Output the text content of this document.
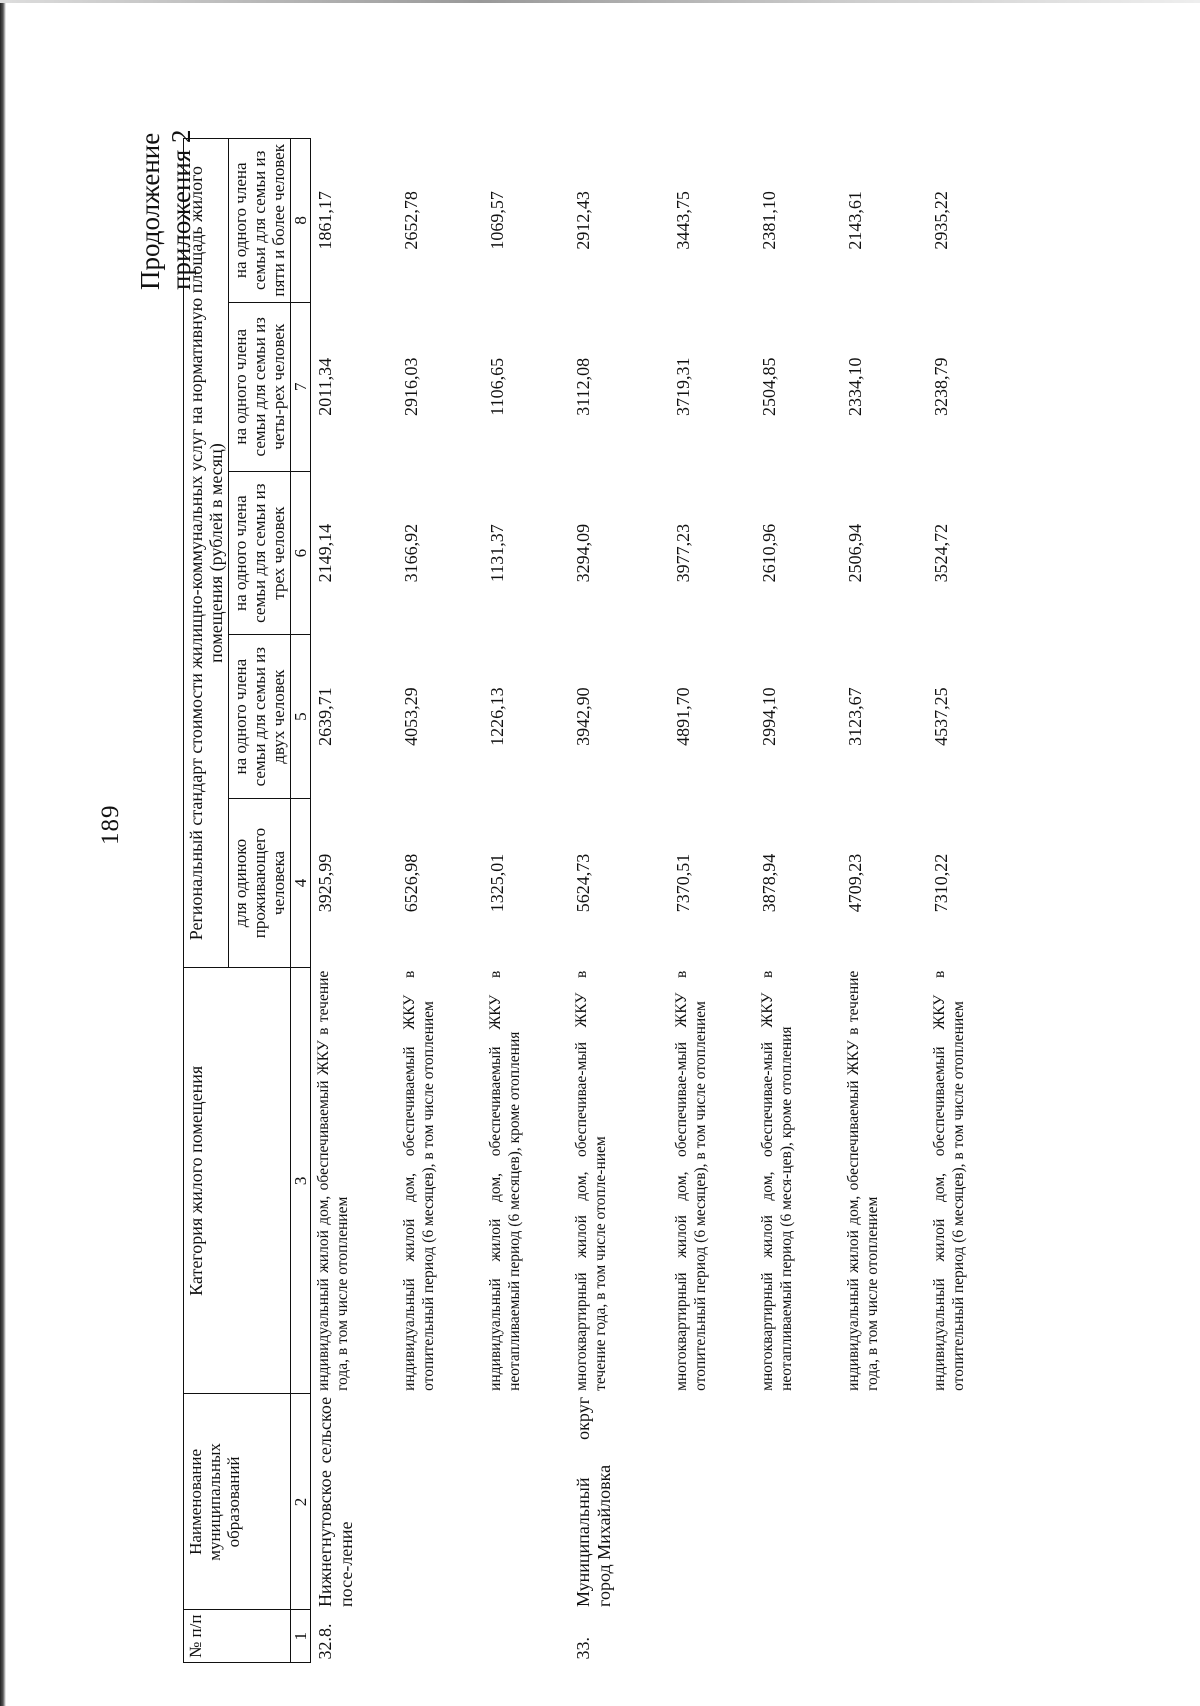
189
Продолжение приложения 2
№ п/п	Наименование муниципальных образований	Категория жилого помещения	Региональный стандарт стоимости жилищно-коммунальных услуг на нормативную площадь жилого помещения (рублей в месяц)				
			для одиноко проживающего человека	на одного члена семьи для семьи из двух человек	на одного члена семьи для семьи из трех человек	на одного члена семьи для семьи из четы-рех человек	на одного члена семьи для семьи из пяти и более человек
1	2	3	4	5	6	7	8
32.8.	Нижнегнутовское сельское посе-ление	индивидуальный жилой дом, обеспечиваемый ЖКУ в течение года, в том числе отоплением	3925,99	2639,71	2149,14	2011,34	1861,17
		индивидуальный жилой дом, обеспечиваемый ЖКУ в отопительный период (6 месяцев), в том числе отоплением	6526,98	4053,29	3166,92	2916,03	2652,78
		индивидуальный жилой дом, обеспечиваемый ЖКУ в неотапливаемый период (6 месяцев), кроме отопления	1325,01	1226,13	1131,37	1106,65	1069,57
33.	Муниципальный округ город Михайловка	многоквартирный жилой дом, обеспечивае-мый ЖКУ в течение года, в том числе отопле-нием	5624,73	3942,90	3294,09	3112,08	2912,43
		многоквартирный жилой дом, обеспечивае-мый ЖКУ в отопительный период (6 месяцев), в том числе отоплением	7370,51	4891,70	3977,23	3719,31	3443,75
		многоквартирный жилой дом, обеспечивае-мый ЖКУ в неотапливаемый период (6 меся-цев), кроме отопления	3878,94	2994,10	2610,96	2504,85	2381,10
		индивидуальный жилой дом, обеспечиваемый ЖКУ в течение года, в том числе отоплением	4709,23	3123,67	2506,94	2334,10	2143,61
		индивидуальный жилой дом, обеспечиваемый ЖКУ в отопительный период (6 месяцев), в том числе отоплением	7310,22	4537,25	3524,72	3238,79	2935,22
